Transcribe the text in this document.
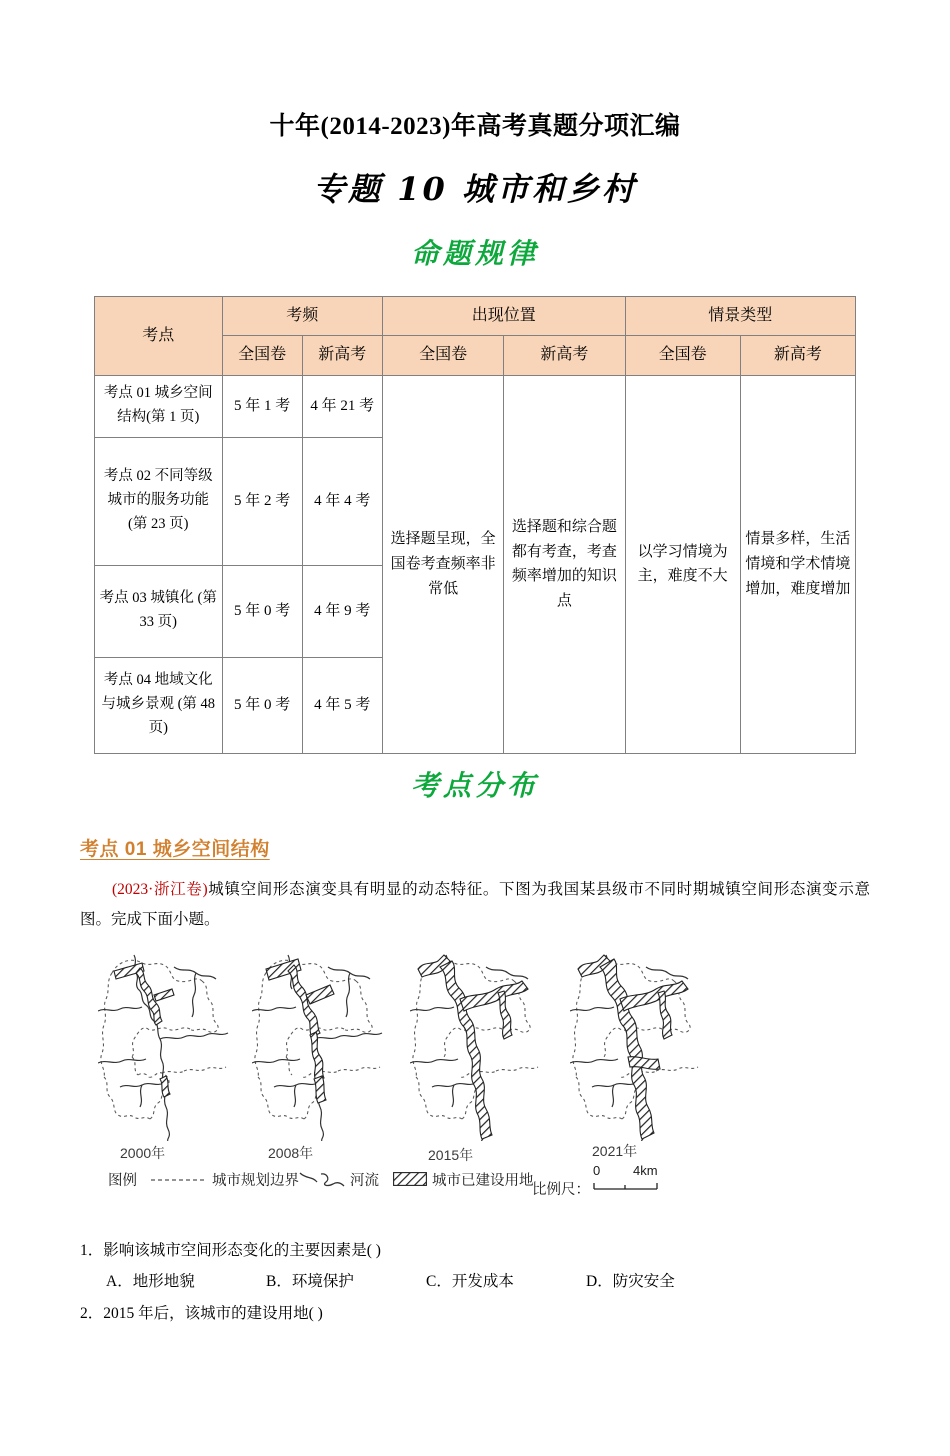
十年(2014-2023)年高考真题分项汇编
专题 10 城市和乡村
命题规律
考点	考频		出现位置		情景类型	
	全国卷	新高考	全国卷	新高考	全国卷	新高考
考点 01 城乡空间结构(第 1 页)	5 年 1 考	4 年 21 考	选择题呈现，全国卷考查频率非常低	选择题和综合题都有考查，考查频率增加的知识点	以学习情境为主，难度不大	情景多样，生活情境和学术情境增加，难度增加
考点 02 不同等级城市的服务功能 (第 23 页)	5 年 2 考	4 年 4 考				
考点 03 城镇化 (第 33 页)	5 年 0 考	4 年 9 考				
考点 04 地域文化与城乡景观 (第 48 页)	5 年 0 考	4 年 5 考				
考点分布
考点 01 城乡空间结构

(2023·浙江卷)城镇空间形态演变具有明显的动态特征。下图为我国某县级市不同时期城镇空间形态演变示意图。完成下面小题。

2000年	2008年	2015年	2021年
图例	城市规划边界	河流	城市已建设用地
比例尺：
0	4km
1．影响该城市空间形态变化的主要因素是( )
A．地形地貌	B．环境保护	C．开发成本	D．防灾安全
2．2015 年后，该城市的建设用地( )
